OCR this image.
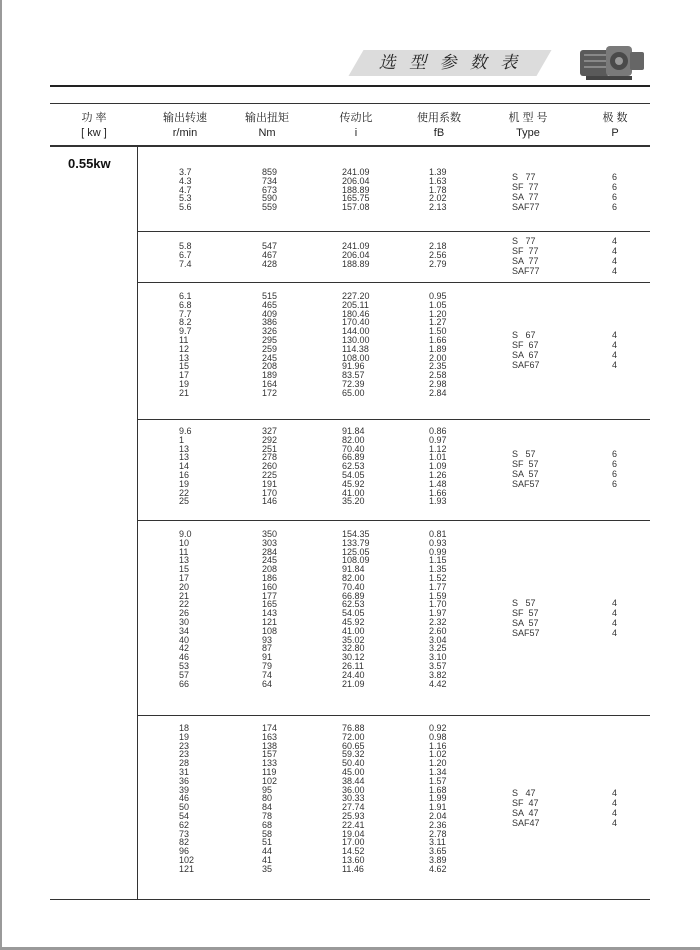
选 型 参 数 表
功 率
[ kw ]
输出转速
r/min
输出扭矩
Nm
传动比
i
使用系数
fB
机 型 号
Type
极 数
P
0.55kw
3.7
4.3
4.7
5.3
5.6
859
734
673
590
559
241.09
206.04
188.89
165.75
157.08
1.39
1.63
1.78
2.02
2.13
S   77
SF  77
SA  77
SAF77
6
6
6
6
5.8
6.7
7.4
547
467
428
241.09
206.04
188.89
2.18
2.56
2.79
S   77
SF  77
SA  77
SAF77
4
4
4
4
6.1
6.8
7.7
8.2
9.7
11
12
13
15
17
19
21
515
465
409
386
326
295
259
245
208
189
164
172
227.20
205.11
180.46
170.40
144.00
130.00
114.38
108.00
91.96
83.57
72.39
65.00
0.95
1.05
1.20
1.27
1.50
1.66
1.89
2.00
2.35
2.58
2.98
2.84
S   67
SF  67
SA  67
SAF67
4
4
4
4
9.6
1
13
13
14
16
19
22
25
327
292
251
278
260
225
191
170
146
91.84
82.00
70.40
66.89
62.53
54.05
45.92
41.00
35.20
0.86
0.97
1.12
1.01
1.09
1.26
1.48
1.66
1.93
S   57
SF  57
SA  57
SAF57
6
6
6
6
9.0
10
11
13
15
17
20
21
22
26
30
34
40
42
46
53
57
66
350
303
284
245
208
186
160
177
165
143
121
108
93
87
91
79
74
64
154.35
133.79
125.05
108.09
91.84
82.00
70.40
66.89
62.53
54.05
45.92
41.00
35.02
32.80
30.12
26.11
24.40
21.09
0.81
0.93
0.99
1.15
1.35
1.52
1.77
1.59
1.70
1.97
2.32
2.60
3.04
3.25
3.10
3.57
3.82
4.42
S   57
SF  57
SA  57
SAF57
4
4
4
4
18
19
23
23
28
31
36
39
46
50
54
62
73
82
96
102
121
174
163
138
157
133
119
102
95
80
84
78
68
58
51
44
41
35
76.88
72.00
60.65
59.32
50.40
45.00
38.44
36.00
30.33
27.74
25.93
22.41
19.04
17.00
14.52
13.60
11.46
0.92
0.98
1.16
1.02
1.20
1.34
1.57
1.68
1.99
1.91
2.04
2.36
2.78
3.11
3.65
3.89
4.62
S   47
SF  47
SA  47
SAF47
4
4
4
4
